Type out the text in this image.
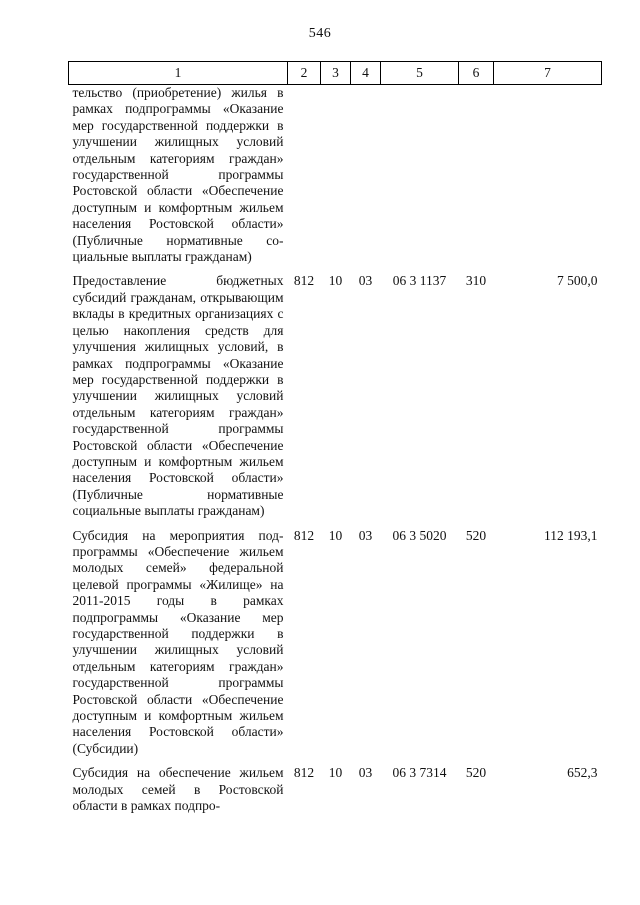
546
1	2	3	4	5	6	7
тельство (приобретение) жилья в рамках подпрограммы «Оказание мер государственной поддержки в улучшении жилищных условий отдельным категориям граждан» государственной программы Ростовской области «Обеспечение доступным и комфортным жильем населения Ростовской области» (Публичные нормативные социальные выплаты гражданам)						
Предоставление бюджетных субсидий гражданам, открывающим вклады в кредитных организациях с целью накопления средств для улучшения жилищных условий, в рамках подпрограммы «Оказание мер государственной поддержки в улучшении жилищных условий отдельным категориям граждан» государственной программы Ростовской области «Обеспечение доступным и комфортным жильем населения Ростовской области» (Публичные нормативные социальные выплаты гражданам)	812	10	03	06 3 1137	310	7 500,0
Субсидия на мероприятия подпрограммы «Обеспечение жильем молодых семей» федеральной целевой программы «Жилище» на 2011-2015 годы в рамках подпрограммы «Оказание мер государственной поддержки в улучшении жилищных условий отдельным категориям граждан» государственной программы Ростовской области «Обеспечение доступным и комфортным жильем населения Ростовской области» (Субсидии)	812	10	03	06 3 5020	520	112 193,1
Субсидия на обеспечение жильем молодых семей в Ростовской области в рамках подпро-	812	10	03	06 3 7314	520	652,3
